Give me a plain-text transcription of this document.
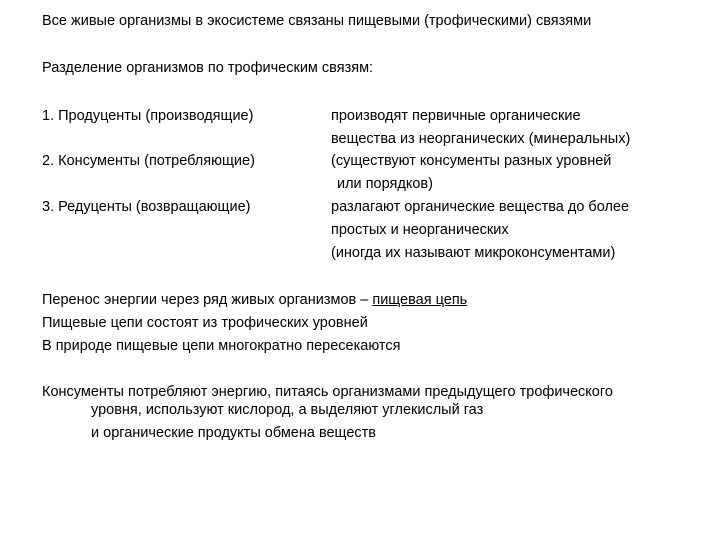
Все живые организмы в экосистеме связаны пищевыми (трофическими) связями
Разделение организмов по трофическим связям:
1. Продуценты (производящие)
2. Консументы (потребляющие)
3. Редуценты (возвращающие)
производят первичные органические
вещества из неорганических (минеральных)
(существуют консументы разных уровней
или порядков)
разлагают органические вещества до более
простых и неорганических
(иногда их называют микроконсументами)
Перенос энергии через ряд живых организмов – пищевая цепь
Пищевые цепи состоят из трофических уровней
В природе пищевые цепи многократно пересекаются
Консументы потребляют энергию, питаясь организмами предыдущего трофического
уровня, используют кислород, а выделяют углекислый газ
и органические продукты обмена веществ
